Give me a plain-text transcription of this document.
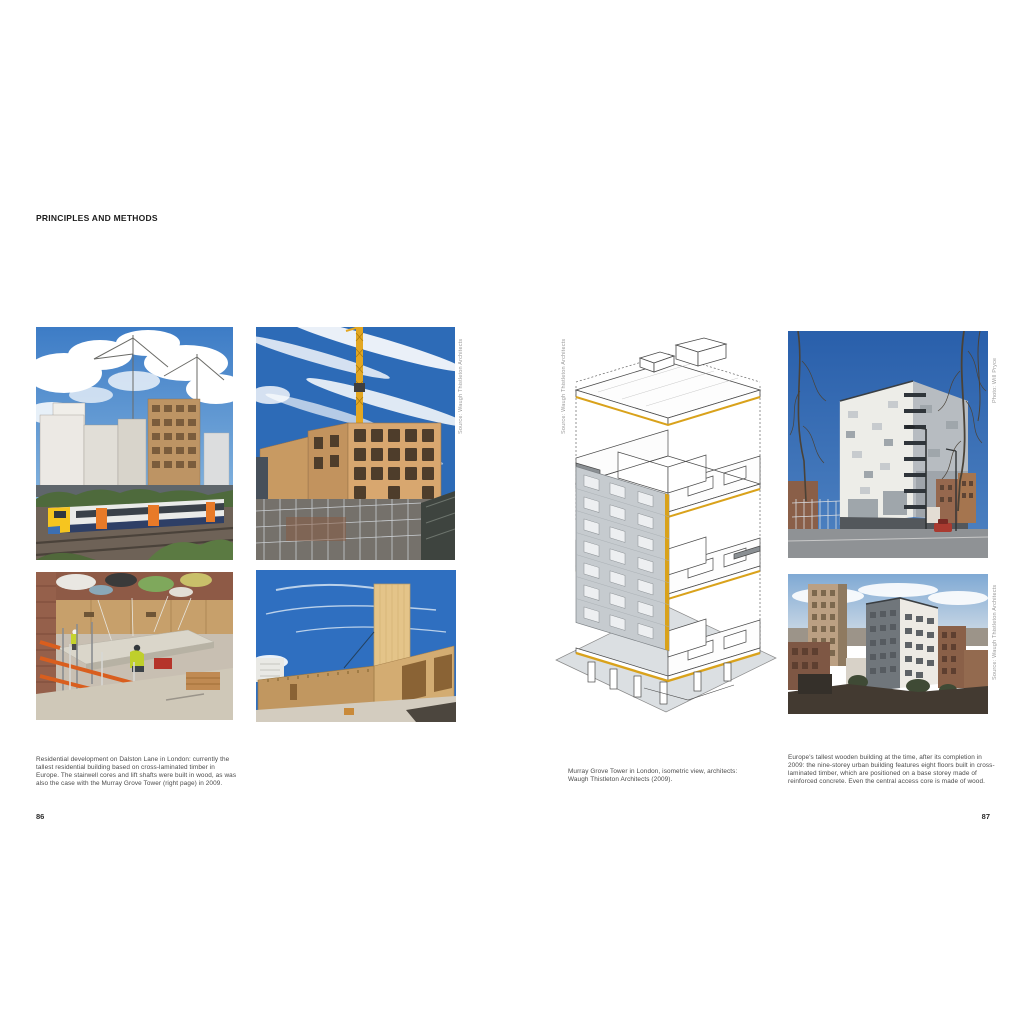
PRINCIPLES AND METHODS
Residential development on Dalston Lane in London: currently the tallest residential building based on cross-laminated timber in Europe. The stairwell cores and lift shafts were built in wood, as was also the case with the Murray Grove Tower (right page) in 2009.
86
Source: Waugh Thistleton Architects	Source: Waugh Thistleton Architects
Murray Grove Tower in London, isometric view, architects: Waugh Thistleton Architects (2009).
Photo: Will Pryce
Source: Waugh Thistleton Architects
Europe's tallest wooden building at the time, after its completion in 2009: the nine-storey urban building features eight floors built in cross-laminated timber, which are positioned on a base storey made of reinforced concrete. Even the central access core is made of wood.
87
